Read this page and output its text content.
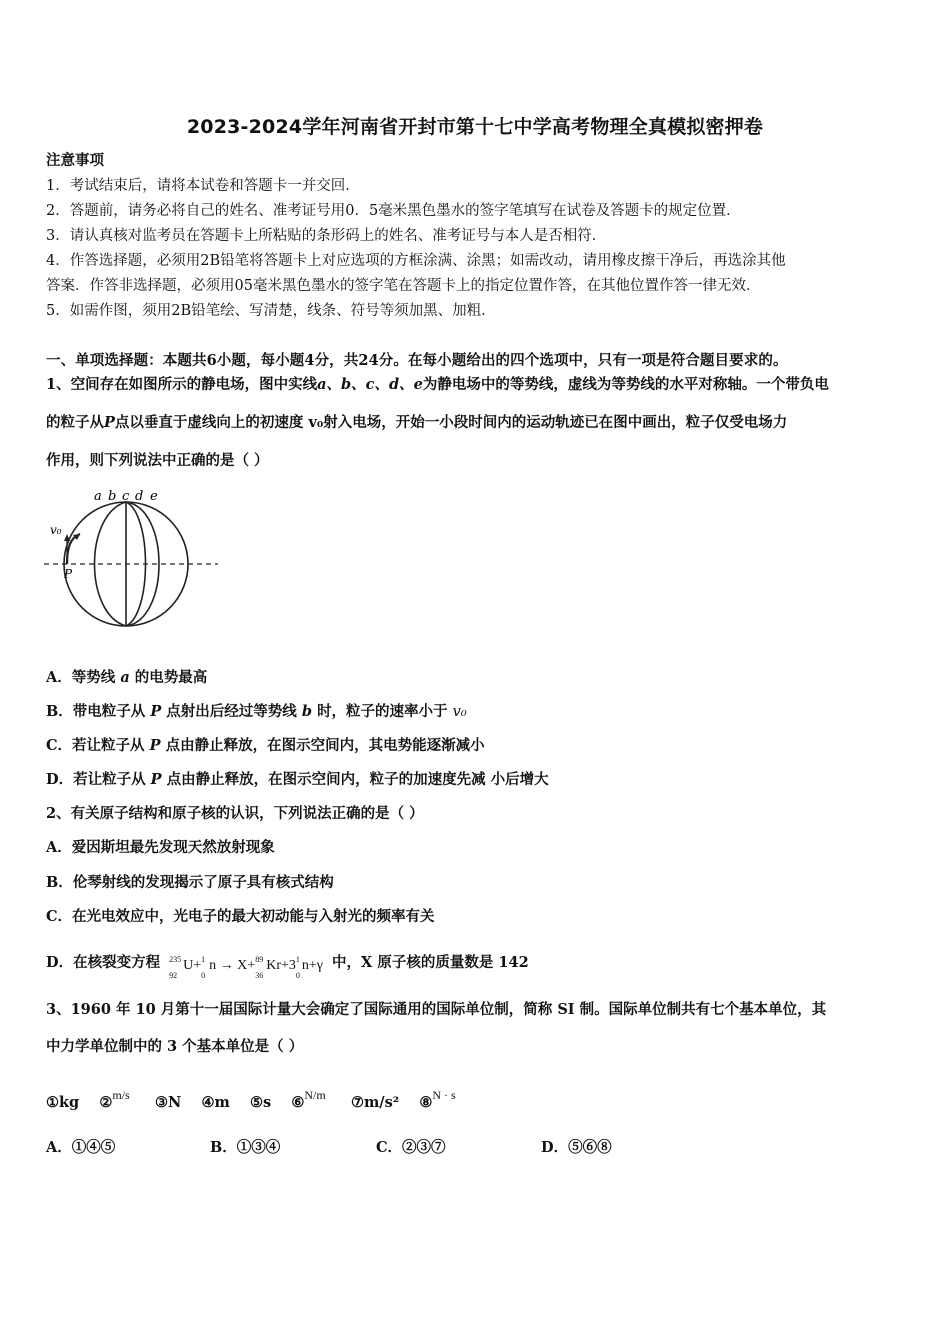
2023-2024学年河南省开封市第十七中学高考物理全真模拟密押卷
注意事项
1．考试结束后，请将本试卷和答题卡一并交回．
2．答题前，请务必将自己的姓名、准考证号用0．5毫米黑色墨水的签字笔填写在试卷及答题卡的规定位置．
3．请认真核对监考员在答题卡上所粘贴的条形码上的姓名、准考证号与本人是否相符．
4．作答选择题，必须用2B铅笔将答题卡上对应选项的方框涂满、涂黑；如需改动，请用橡皮擦干净后，再选涂其他
答案．作答非选择题，必须用05毫米黑色墨水的签字笔在答题卡上的指定位置作答，在其他位置作答一律无效．
5．如需作图，须用2B铅笔绘、写清楚，线条、符号等须加黑、加粗．
一、单项选择题：本题共6小题，每小题4分，共24分。在每小题给出的四个选项中，只有一项是符合题目要求的。
1、空间存在如图所示的静电场，图中实线a、b、c、d、e为静电场中的等势线，虚线为等势线的水平对称轴。一个带负电
的粒子从P点以垂直于虚线向上的初速度 v₀射入电场，开始一小段时间内的运动轨迹已在图中画出，粒子仅受电场力
作用，则下列说法中正确的是（ ）
a b c d e
v₀
P
A．等势线 a 的电势最高
B．带电粒子从 P 点射出后经过等势线 b 时，粒子的速率小于 v₀
C．若让粒子从 P 点由静止释放，在图示空间内，其电势能逐渐减小
D．若让粒子从 P 点由静止释放，在图示空间内，粒子的加速度先减 小后增大
2、有关原子结构和原子核的认识，下列说法正确的是（ ）
A．爱因斯坦最先发现天然放射现象
B．伦琴射线的发现揭示了原子具有核式结构
C．在光电效应中，光电子的最大初动能与入射光的频率有关
D．在核裂变方程 235
92
U+ 1
0
n → X+ 89
36
Kr+3 1
0
n+γ 中，X 原子核的质量数是 142
3、1960 年 10 月第十一届国际计量大会确定了国际通用的国际单位制，简称 SI 制。国际单位制共有七个基本单位，其
中力学单位制中的 3 个基本单位是（ ）
①kg ②$^{m/s}$ ③N ④m ⑤s ⑥$^{N/m}$ ⑦m/s² ⑧$^{N \cdot s}$
A．①④⑤	B．①③④	C．②③⑦	D．⑤⑥⑧
